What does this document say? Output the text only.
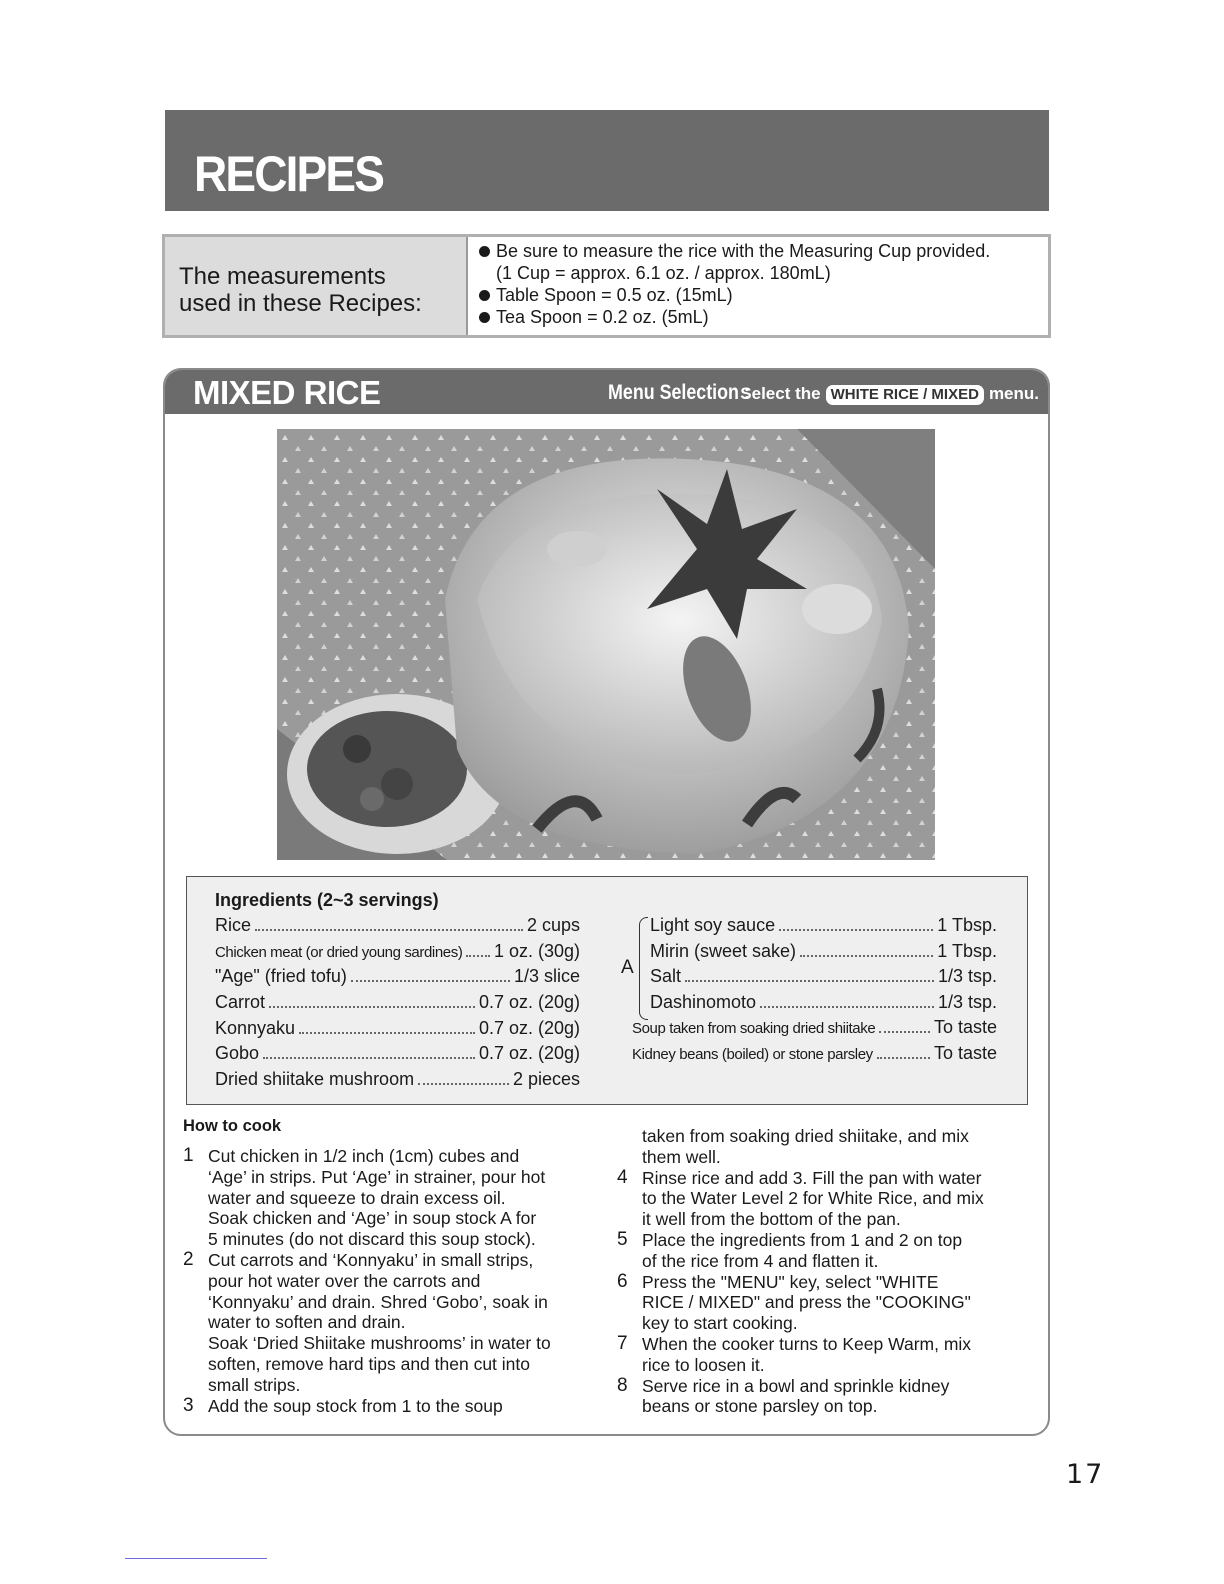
RECIPES
The measurements
used in these Recipes:
Be sure to measure the rice with the Measuring Cup provided.
(1 Cup = approx. 6.1 oz. / approx. 180mL)
Table Spoon = 0.5 oz. (15mL)
Tea Spoon = 0.2 oz. (5mL)
MIXED RICE	Menu Selection :
Select the WHITE RICE / MIXED menu.
Ingredients (2~3 servings)
Rice	2 cups
Chicken meat (or dried young sardines) 1 oz. (30g)
"Age" (fried tofu)	1/3 slice
Carrot	0.7 oz. (20g)
Konnyaku	0.7 oz. (20g)
Gobo	0.7 oz. (20g)
Dried shiitake mushroom	2 pieces
A
Light soy sauce	1 Tbsp.
Mirin (sweet sake)	1 Tbsp.
Salt	1/3 tsp.
Dashinomoto	1/3 tsp.
Soup taken from soaking dried shiitake	To taste
Kidney beans (boiled) or stone parsley	To taste
How to cook
1 Cut chicken in 1/2 inch (1cm) cubes and
‘Age’ in strips. Put ‘Age’ in strainer, pour hot
water and squeeze to drain excess oil.
Soak chicken and ‘Age’ in soup stock A for
5 minutes (do not discard this soup stock).
2 Cut carrots and ‘Konnyaku’ in small strips,
pour hot water over the carrots and
‘Konnyaku’ and drain. Shred ‘Gobo’, soak in
water to soften and drain.
Soak ‘Dried Shiitake mushrooms’ in water to
soften, remove hard tips and then cut into
small strips.
3 Add the soup stock from 1 to the soup
taken from soaking dried shiitake, and mix
them well.
4 Rinse rice and add 3. Fill the pan with water
to the Water Level 2 for White Rice, and mix
it well from the bottom of the pan.
5 Place the ingredients from 1 and 2 on top
of the rice from 4 and flatten it.
6 Press the "MENU" key, select "WHITE
RICE / MIXED" and press the "COOKING"
key to start cooking.
7 When the cooker turns to Keep Warm, mix
rice to loosen it.
8 Serve rice in a bowl and sprinkle kidney
beans or stone parsley on top.
17
